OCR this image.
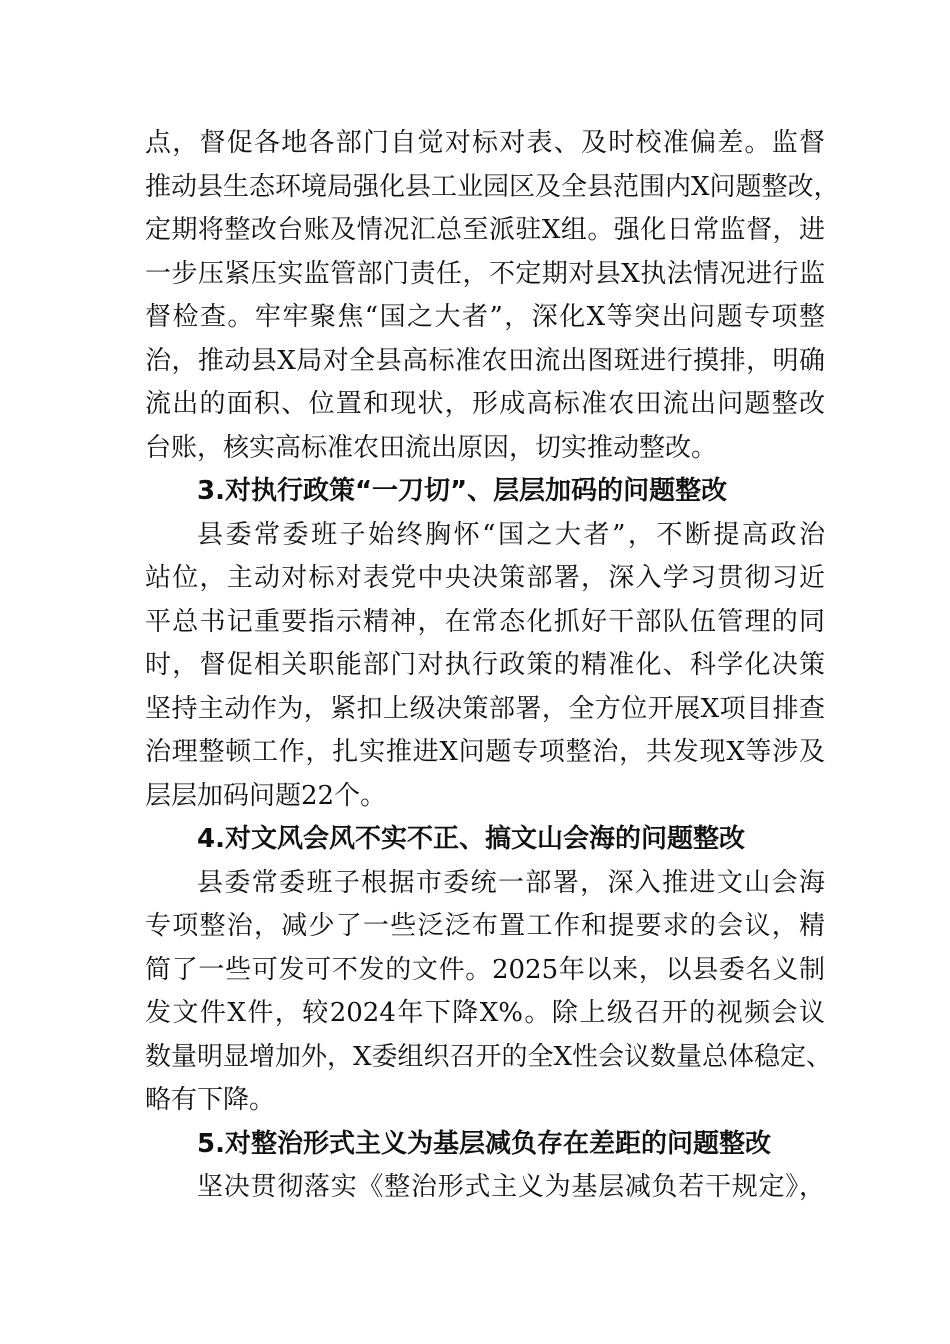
点，督促各地各部门自觉对标对表、及时校准偏差。监督
推动县生态环境局强化县工业园区及全县范围内X问题整改，
定期将整改台账及情况汇总至派驻X组。强化日常监督，进
一步压紧压实监管部门责任，不定期对县X执法情况进行监
督检查。牢牢聚焦“国之大者”，深化X等突出问题专项整
治，推动县X局对全县高标准农田流出图斑进行摸排，明确
流出的面积、位置和现状，形成高标准农田流出问题整改
台账，核实高标准农田流出原因，切实推动整改。
3.对执行政策“一刀切”、层层加码的问题整改
县委常委班子始终胸怀“国之大者”，不断提高政治
站位，主动对标对表党中央决策部署，深入学习贯彻习近
平总书记重要指示精神，在常态化抓好干部队伍管理的同
时，督促相关职能部门对执行政策的精准化、科学化决策
坚持主动作为，紧扣上级决策部署，全方位开展X项目排查
治理整顿工作，扎实推进X问题专项整治，共发现X等涉及
层层加码问题22个。
4.对文风会风不实不正、搞文山会海的问题整改
县委常委班子根据市委统一部署，深入推进文山会海
专项整治，减少了一些泛泛布置工作和提要求的会议，精
简了一些可发可不发的文件。2025年以来，以县委名义制
发文件X件，较2024年下降X%。除上级召开的视频会议
数量明显增加外，X委组织召开的全X性会议数量总体稳定、
略有下降。
5.对整治形式主义为基层减负存在差距的问题整改
坚决贯彻落实《整治形式主义为基层减负若干规定》，
